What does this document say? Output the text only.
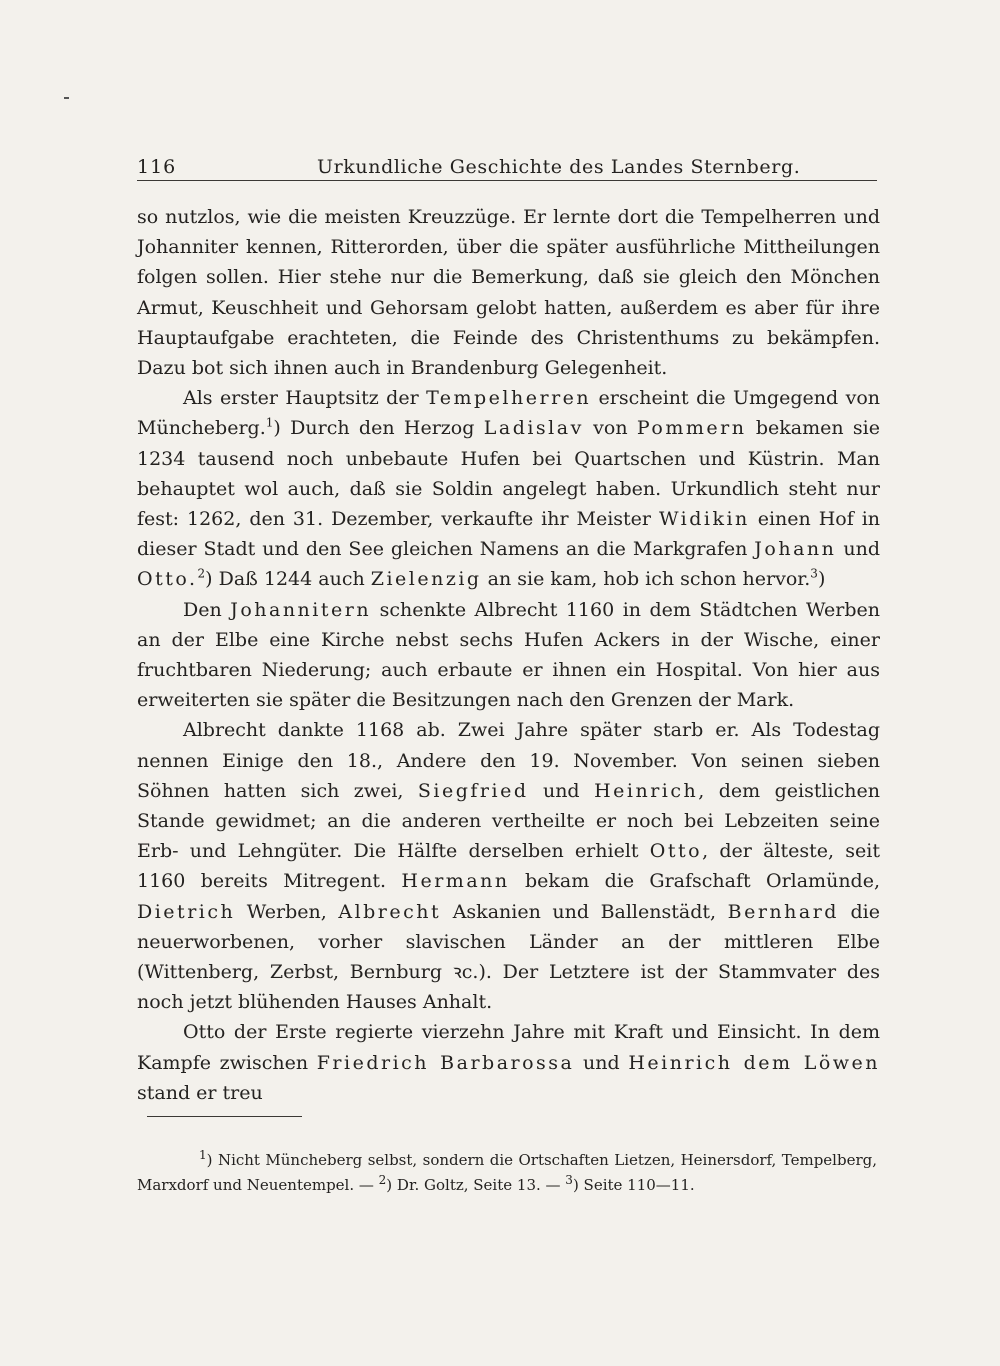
116	Urkundliche Geschichte des Landes Sternberg.

so nutzlos, wie die meisten Kreuzzüge. Er lernte dort die Tempelherren und Johanniter kennen, Ritterorden, über die später ausführliche Mittheilungen folgen sollen. Hier stehe nur die Bemerkung, daß sie gleich den Mönchen Armut, Keuschheit und Gehorsam gelobt hatten, außerdem es aber für ihre Hauptaufgabe erachteten, die Feinde des Christenthums zu bekämpfen. Dazu bot sich ihnen auch in Brandenburg Gelegenheit.

Als erster Hauptsitz der Tempelherren erscheint die Umgegend von Müncheberg.$^1$) Durch den Herzog Ladislav von Pommern bekamen sie 1234 tausend noch unbebaute Hufen bei Quartschen und Küstrin. Man behauptet wol auch, daß sie Soldin angelegt haben. Urkundlich steht nur fest: 1262, den 31. Dezember, verkaufte ihr Meister Widikin einen Hof in dieser Stadt und den See gleichen Namens an die Markgrafen Johann und Otto.$^2$) Daß 1244 auch Zielenzig an sie kam, hob ich schon hervor.$^3$)

Den Johannitern schenkte Albrecht 1160 in dem Städtchen Werben an der Elbe eine Kirche nebst sechs Hufen Ackers in der Wische, einer fruchtbaren Niederung; auch erbaute er ihnen ein Hospital. Von hier aus erweiterten sie später die Besitzungen nach den Grenzen der Mark.

Albrecht dankte 1168 ab. Zwei Jahre später starb er. Als Todestag nennen Einige den 18., Andere den 19. November. Von seinen sieben Söhnen hatten sich zwei, Siegfried und Heinrich, dem geistlichen Stande gewidmet; an die anderen vertheilte er noch bei Lebzeiten seine Erb- und Lehngüter. Die Hälfte derselben erhielt Otto, der älteste, seit 1160 bereits Mitregent. Hermann bekam die Grafschaft Orlamünde, Dietrich Werben, Albrecht Askanien und Ballenstädt, Bernhard die neuerworbenen, vorher slavischen Länder an der mittleren Elbe (Wittenberg, Zerbst, Bernburg ꝛc.). Der Letztere ist der Stammvater des noch jetzt blühenden Hauses Anhalt.

Otto der Erste regierte vierzehn Jahre mit Kraft und Einsicht. In dem Kampfe zwischen Friedrich Barbarossa und Heinrich dem Löwen stand er treu

$^1$) Nicht Müncheberg selbst, sondern die Ortschaften Lietzen, Heinersdorf, Tempelberg, Marxdorf und Neuentempel. — $^2$) Dr. Goltz, Seite 13. — $^3$) Seite 110—11.
